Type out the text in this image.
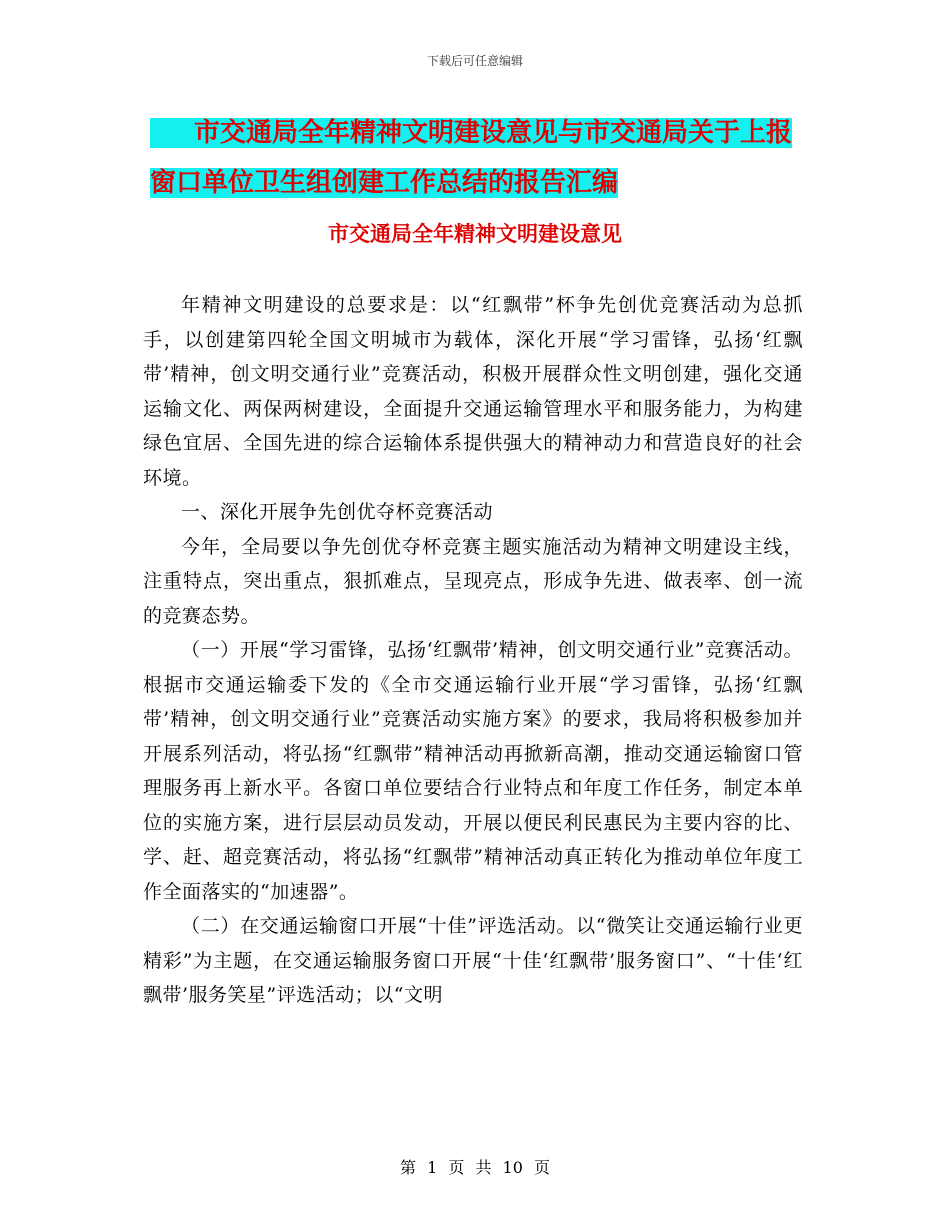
下载后可任意编辑
市交通局全年精神文明建设意见与市交通局关于上报
窗口单位卫生组创建工作总结的报告汇编
市交通局全年精神文明建设意见

年精神文明建设的总要求是：以“红飘带”杯争先创优竞赛活动为总抓手，以创建第四轮全国文明城市为载体，深化开展“学习雷锋，弘扬‘红飘带’精神，创文明交通行业”竞赛活动，积极开展群众性文明创建，强化交通运输文化、两保两树建设，全面提升交通运输管理水平和服务能力，为构建绿色宜居、全国先进的综合运输体系提供强大的精神动力和营造良好的社会环境。

一、深化开展争先创优夺杯竞赛活动

今年，全局要以争先创优夺杯竞赛主题实施活动为精神文明建设主线，注重特点，突出重点，狠抓难点，呈现亮点，形成争先进、做表率、创一流的竞赛态势。

（一）开展“学习雷锋，弘扬‘红飘带’精神，创文明交通行业”竞赛活动。根据市交通运输委下发的《全市交通运输行业开展“学习雷锋，弘扬‘红飘带’精神，创文明交通行业”竞赛活动实施方案》的要求，我局将积极参加并开展系列活动，将弘扬“红飘带”精神活动再掀新高潮，推动交通运输窗口管理服务再上新水平。各窗口单位要结合行业特点和年度工作任务，制定本单位的实施方案，进行层层动员发动，开展以便民利民惠民为主要内容的比、学、赶、超竞赛活动，将弘扬“红飘带”精神活动真正转化为推动单位年度工作全面落实的“加速器”。

（二）在交通运输窗口开展“十佳”评选活动。以“微笑让交通运输行业更精彩”为主题，在交通运输服务窗口开展“十佳‘红飘带’服务窗口”、“十佳‘红飘带’服务笑星”评选活动；以“文明

第 1 页 共 10 页
